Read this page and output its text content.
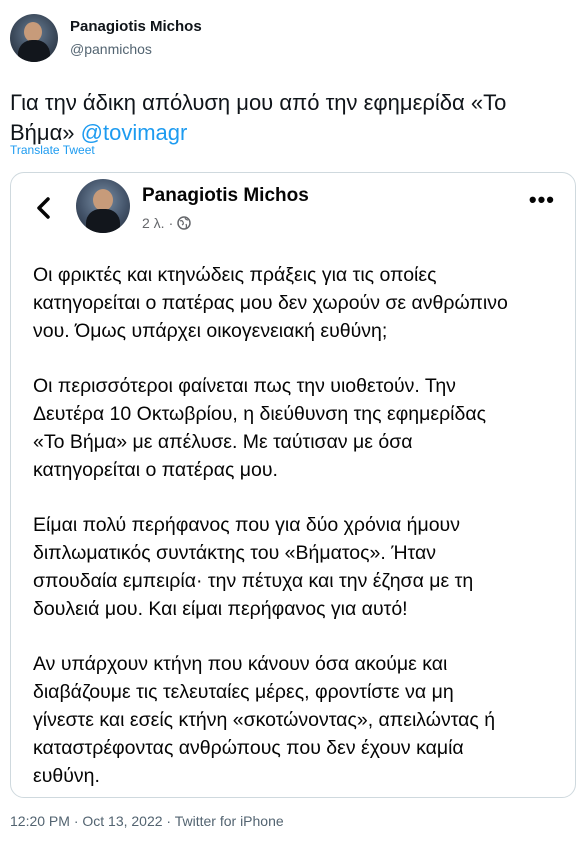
Panagiotis Michos
@panmichos
Για την άδικη απόλυση μου από την εφημερίδα «Το
Βήμα» @tovimagr
Translate Tweet
Panagiotis Michos
2 λ. ·
•••

Οι φρικτές και κτηνώδεις πράξεις για τις οποίες
κατηγορείται ο πατέρας μου δεν χωρούν σε ανθρώπινο
νου. Όμως υπάρχει οικογενειακή ευθύνη;

Οι περισσότεροι φαίνεται πως την υιοθετούν. Την
Δευτέρα 10 Οκτωβρίου, η διεύθυνση της εφημερίδας
«Το Βήμα» με απέλυσε. Με ταύτισαν με όσα
κατηγορείται ο πατέρας μου.

Είμαι πολύ περήφανος που για δύο χρόνια ήμουν
διπλωματικός συντάκτης του «Βήματος». Ήταν
σπουδαία εμπειρία· την πέτυχα και την έζησα με τη
δουλειά μου. Και είμαι περήφανος για αυτό!

Αν υπάρχουν κτήνη που κάνουν όσα ακούμε και
διαβάζουμε τις τελευταίες μέρες, φροντίστε να μη
γίνεστε και εσείς κτήνη «σκοτώνοντας», απειλώντας ή
καταστρέφοντας ανθρώπους που δεν έχουν καμία
ευθύνη.

12:20 PM · Oct 13, 2022 · Twitter for iPhone
